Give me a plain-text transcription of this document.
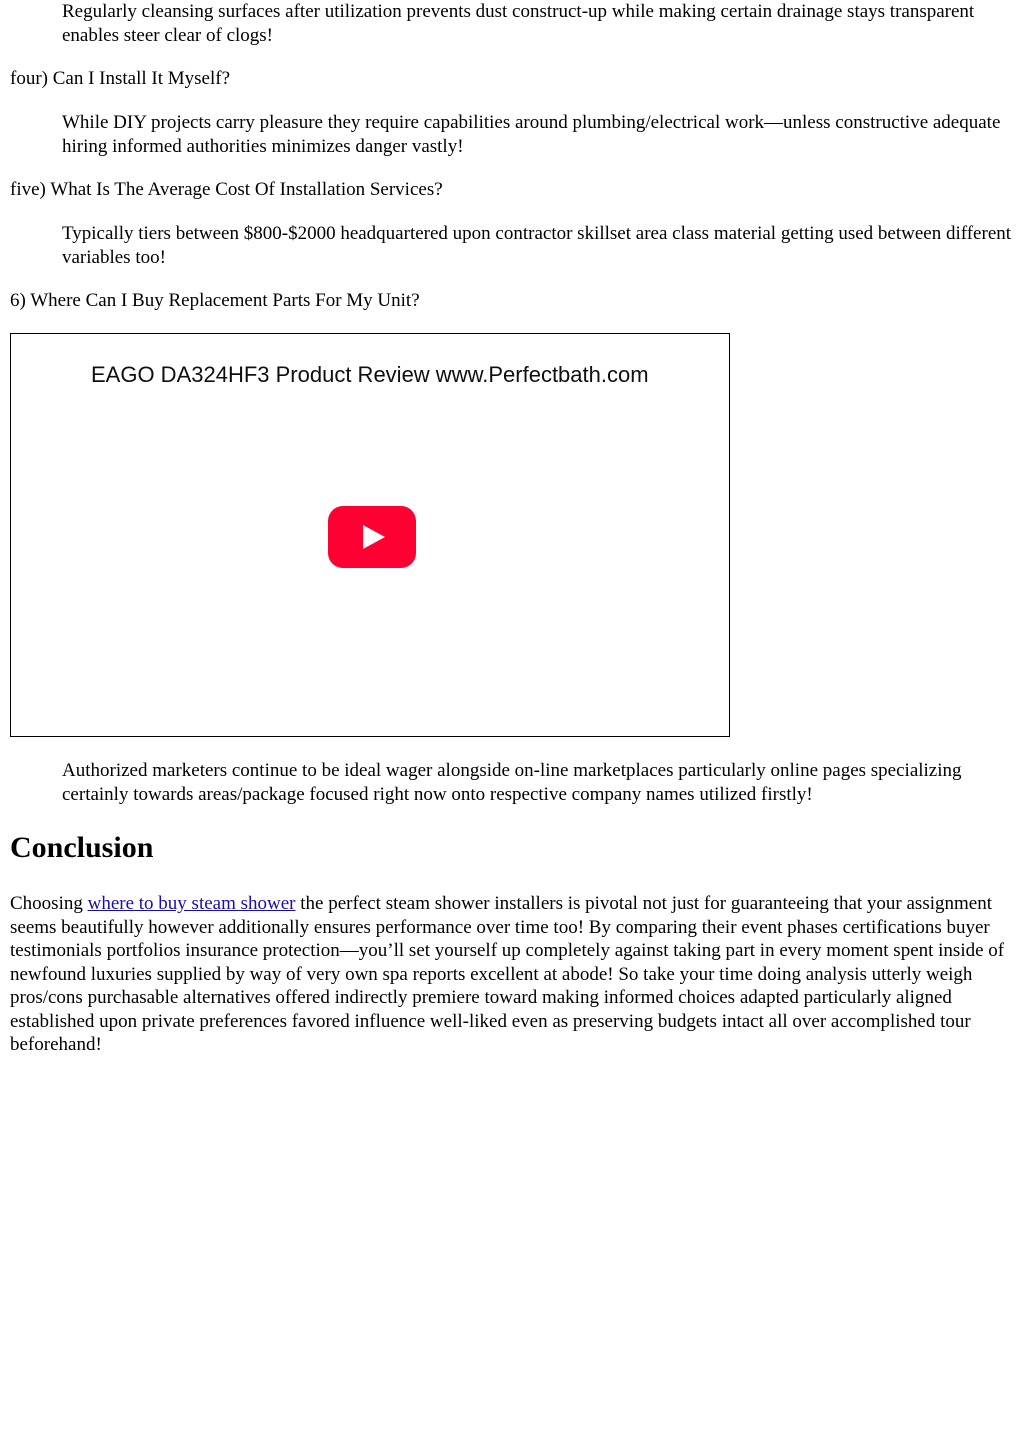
Regularly cleansing surfaces after utilization prevents dust construct-up while making certain drainage stays transparent enables steer clear of clogs!

four) Can I Install It Myself?

While DIY projects carry pleasure they require capabilities around plumbing/electrical work—unless constructive adequate hiring informed authorities minimizes danger vastly!

five) What Is The Average Cost Of Installation Services?

Typically tiers between $800-$2000 headquartered upon contractor skillset area class material getting used between different variables too!

6) Where Can I Buy Replacement Parts For My Unit?

EAGO DA324HF3 Product Review www.Perfectbath.com

Authorized marketers continue to be ideal wager alongside on-line marketplaces particularly online pages specializing certainly towards areas/package focused right now onto respective company names utilized firstly!

Conclusion

Choosing where to buy steam shower the perfect steam shower installers is pivotal not just for guaranteeing that your assignment seems beautifully however additionally ensures performance over time too! By comparing their event phases certifications buyer testimonials portfolios insurance protection—you’ll set yourself up completely against taking part in every moment spent inside of newfound luxuries supplied by way of very own spa reports excellent at abode! So take your time doing analysis utterly weigh pros/cons purchasable alternatives offered indirectly premiere toward making informed choices adapted particularly aligned established upon private preferences favored influence well-liked even as preserving budgets intact all over accomplished tour beforehand!
